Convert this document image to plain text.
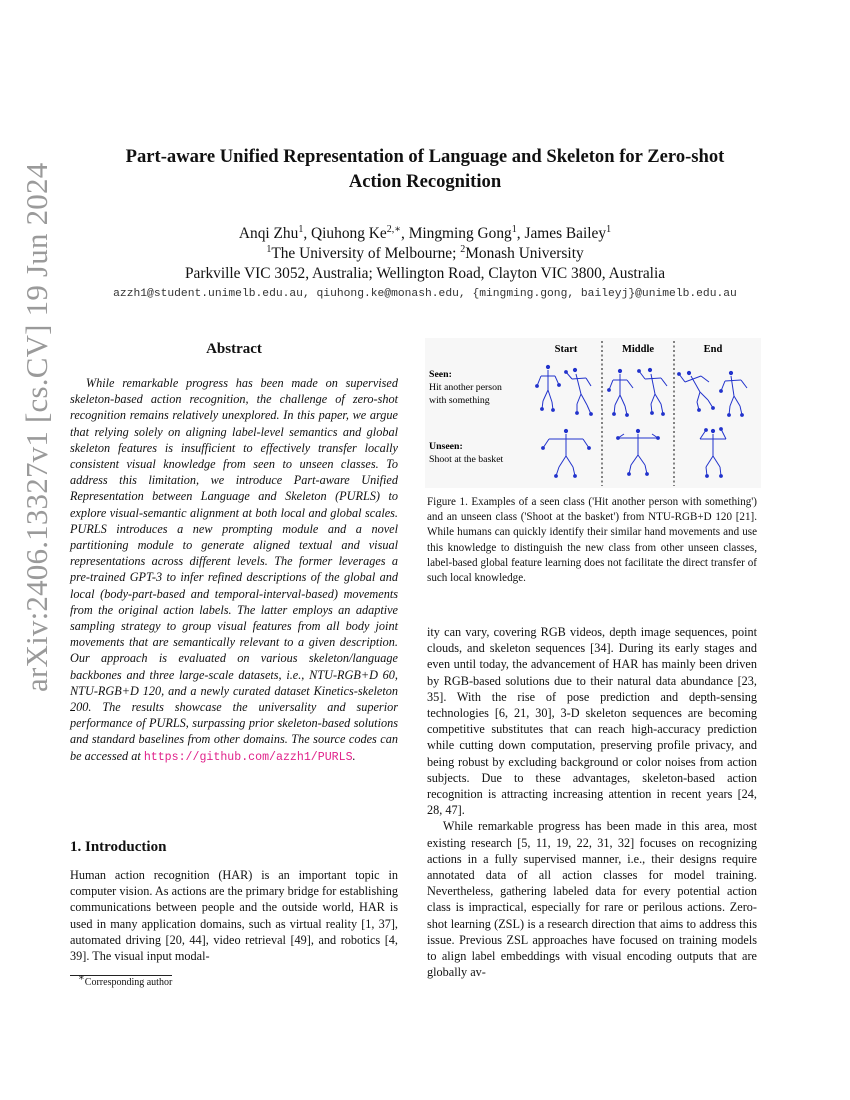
arXiv:2406.13327v1 [cs.CV] 19 Jun 2024
Part-aware Unified Representation of Language and Skeleton for Zero-shot
Action Recognition
Anqi Zhu$^1$, Qiuhong $Ke^{2,∗}$, Mingming Gong$^1$, James Bailey$^1$
$^1$The University of Melbourne; $^2$Monash University
Parkville VIC 3052, Australia; Wellington Road, Clayton VIC 3800, Australia
azzh1@student.unimelb.edu.au, qiuhong.ke@monash.edu, {mingming.gong, baileyj}@unimelb.edu.au
Abstract

While remarkable progress has been made on supervised skeleton-based action recognition, the challenge of zero-shot recognition remains relatively unexplored. In this paper, we argue that relying solely on aligning label-level semantics and global skeleton features is insufficient to effectively transfer locally consistent visual knowledge from seen to unseen classes. To address this limitation, we introduce Part-aware Unified Representation between Language and Skeleton (PURLS) to explore visual-semantic alignment at both local and global scales. PURLS introduces a new prompting module and a novel partitioning module to generate aligned textual and visual representations across different levels. The former leverages a pre-trained GPT-3 to infer refined descriptions of the global and local (body-part-based and temporal-interval-based) movements from the original action labels. The latter employs an adaptive sampling strategy to group visual features from all body joint movements that are semantically relevant to a given description. Our approach is evaluated on various skeleton/language backbones and three large-scale datasets, i.e., NTU-RGB+D 60, NTU-RGB+D 120, and a newly curated dataset Kinetics-skeleton 200. The results showcase the universality and superior performance of PURLS, surpassing prior skeleton-based solutions and standard baselines from other domains. The source codes can be accessed at https://github.com/azzh1/PURLS.

1. Introduction

Human action recognition (HAR) is an important topic in computer vision. As actions are the primary bridge for establishing communications between people and the outside world, HAR is used in many application domains, such as virtual reality [1, 37], automated driving [20, 44], video retrieval [49], and robotics [4, 39]. The visual input modal-

∗Corresponding author
Start	Middle	End
Seen:
Hit another person
with something
Unseen:
Shoot at the basket
Figure 1. Examples of a seen class ('Hit another person with something') and an unseen class ('Shoot at the basket') from NTU-RGB+D 120 [21]. While humans can quickly identify their similar hand movements and use this knowledge to distinguish the new class from other unseen classes, label-based global feature learning does not facilitate the direct transfer of such local knowledge.

ity can vary, covering RGB videos, depth image sequences, point clouds, and skeleton sequences [34]. During its early stages and even until today, the advancement of HAR has mainly been driven by RGB-based solutions due to their natural data abundance [23, 35]. With the rise of pose prediction and depth-sensing technologies [6, 21, 30], 3-D skeleton sequences are becoming competitive substitutes that can reach high-accuracy prediction while cutting down computation, preserving profile privacy, and being robust by excluding background or color noises from action subjects. Due to these advantages, skeleton-based action recognition is attracting increasing attention in recent years [24, 28, 47].

While remarkable progress has been made in this area, most existing research [5, 11, 19, 22, 31, 32] focuses on recognizing actions in a fully supervised manner, i.e., their designs require annotated data of all action classes for model training. Nevertheless, gathering labeled data for every potential action class is impractical, especially for rare or perilous actions. Zero-shot learning (ZSL) is a research direction that aims to address this issue. Previous ZSL approaches have focused on training models to align label embeddings with visual encoding outputs that are globally av-
